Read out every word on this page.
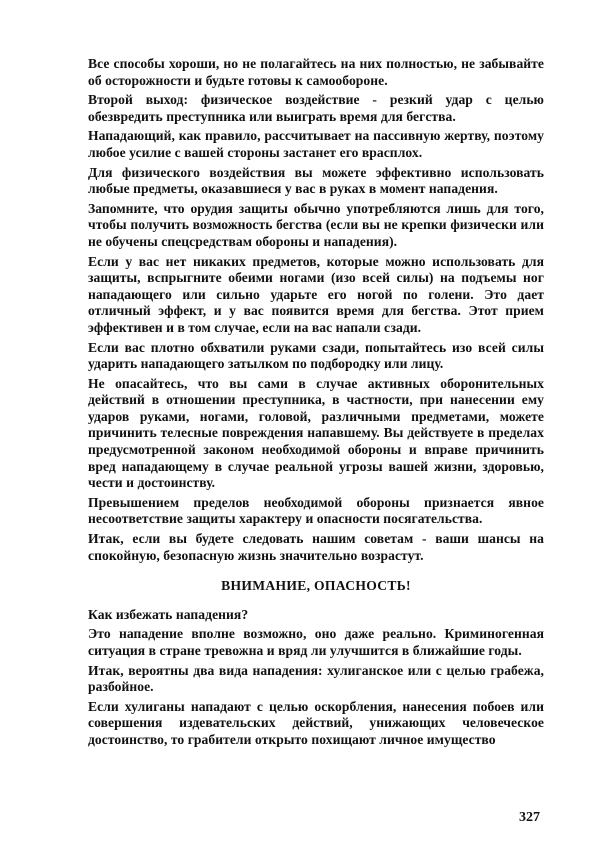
Все способы хороши, но не полагайтесь на них полностью, не забывайте об осторожности и будьте готовы к самообороне.

Второй выход: физическое воздействие - резкий удар с целью обезвредить преступника или выиграть время для бегства.

Нападающий, как правило, рассчитывает на пассивную жертву, поэтому любое усилие с вашей стороны застанет его врасплох.

Для физического воздействия вы можете эффективно использовать любые предметы, оказавшиеся у вас в руках в момент нападения.

Запомните, что орудия защиты обычно употребляются лишь для того, чтобы получить возможность бегства (если вы не крепки физически или не обучены спецсредствам обороны и нападения).

Если у вас нет никаких предметов, которые можно использовать для защиты, вспрыгните обеими ногами (изо всей силы) на подъемы ног нападающего или сильно ударьте его ногой по голени. Это дает отличный эффект, и у вас появится время для бегства. Этот прием эффективен и в том случае, если на вас напали сзади.

Если вас плотно обхватили руками сзади, попытайтесь изо всей силы ударить нападающего затылком по подбородку или лицу.

Не опасайтесь, что вы сами в случае активных оборонительных действий в отношении преступника, в частности, при нанесении ему ударов руками, ногами, головой, различными предметами, можете причинить телесные повреждения напавшему. Вы действуете в пределах предусмотренной законом необходимой обороны и вправе причинить вред нападающему в случае реальной угрозы вашей жизни, здоровью, чести и достоинству.

Превышением пределов необходимой обороны признается явное несоответствие защиты характеру и опасности посягательства.

Итак, если вы будете следовать нашим советам - ваши шансы на спокойную, безопасную жизнь значительно возрастут.

ВНИМАНИЕ, ОПАСНОСТЬ!

Как избежать нападения?

Это нападение вполне возможно, оно даже реально. Криминогенная ситуация в стране тревожна и вряд ли улучшится в ближайшие годы.

Итак, вероятны два вида нападения: хулиганское или с целью грабежа, разбойное.

Если хулиганы нападают с целью оскорбления, нанесения побоев или совершения издевательских действий, унижающих человеческое достоинство, то грабители открыто похищают личное имущество

327
